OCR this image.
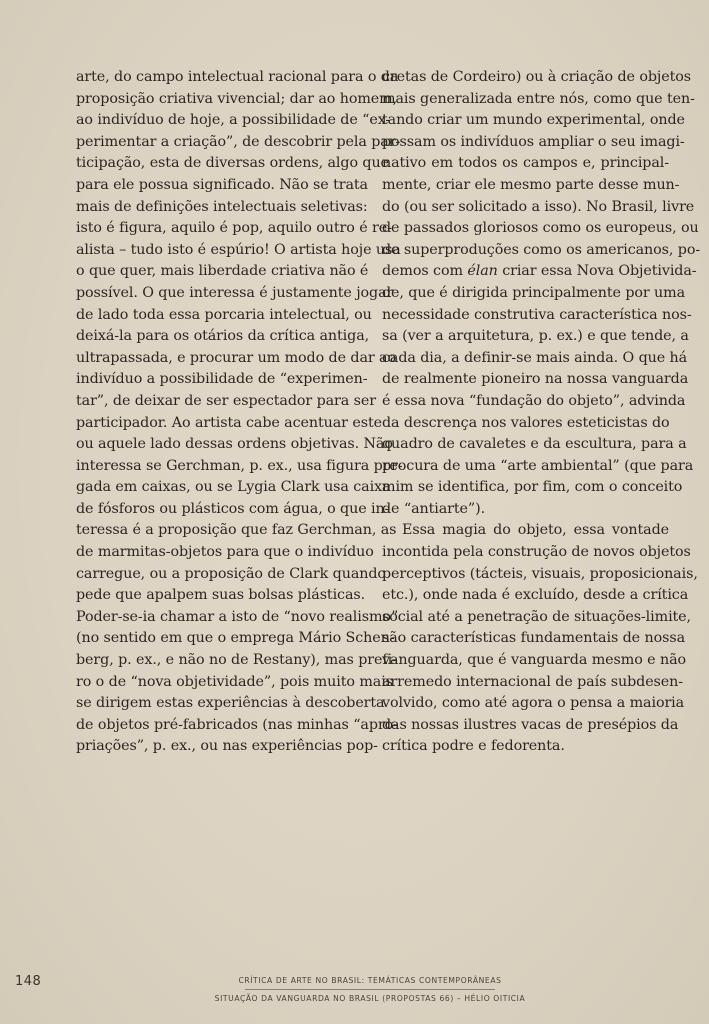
arte, do campo intelectual racional para o da
proposição criativa vivencial; dar ao homem,
ao indivíduo de hoje, a possibilidade de “ex-
perimentar a criação”, de descobrir pela par-
ticipação, esta de diversas ordens, algo que
para ele possua significado. Não se trata
mais de definições intelectuais seletivas:
isto é figura, aquilo é pop, aquilo outro é re-
alista – tudo isto é espúrio! O artista hoje usa
o que quer, mais liberdade criativa não é
possível. O que interessa é justamente jogar
de lado toda essa porcaria intelectual, ou
deixá-la para os otários da crítica antiga,
ultrapassada, e procurar um modo de dar ao
indivíduo a possibilidade de “experimen-
tar”, de deixar de ser espectador para ser
participador. Ao artista cabe acentuar este
ou aquele lado dessas ordens objetivas. Não
interessa se Gerchman, p. ex., usa figura pre-
gada em caixas, ou se Lygia Clark usa caixa
de fósforos ou plásticos com água, o que in-
teressa é a proposição que faz Gerchman, as
de marmitas-objetos para que o indivíduo
carregue, ou a proposição de Clark quando
pede que apalpem suas bolsas plásticas.
Poder-se-ia chamar a isto de “novo realismo”
(no sentido em que o emprega Mário Schen-
berg, p. ex., e não no de Restany), mas prefi-
ro o de “nova objetividade”, pois muito mais
se dirigem estas experiências à descoberta
de objetos pré-fabricados (nas minhas “apro-
priações”, p. ex., ou nas experiências pop-
cretas de Cordeiro) ou à criação de objetos
mais generalizada entre nós, como que ten-
tando criar um mundo experimental, onde
possam os indivíduos ampliar o seu imagi-
nativo em todos os campos e, principal-
mente, criar ele mesmo parte desse mun-
do (ou ser solicitado a isso). No Brasil, livre
de passados gloriosos como os europeus, ou
de superproduções como os americanos, po-
demos com élan criar essa Nova Objetivida-
de, que é dirigida principalmente por uma
necessidade construtiva característica nos-
sa (ver a arquitetura, p. ex.) e que tende, a
cada dia, a definir-se mais ainda. O que há
de realmente pioneiro na nossa vanguarda
é essa nova “fundação do objeto”, advinda
da descrença nos valores esteticistas do
quadro de cavaletes e da escultura, para a
procura de uma “arte ambiental” (que para
mim se identifica, por fim, com o conceito
de “antiarte”).
Essa magia do objeto, essa vontade
incontida pela construção de novos objetos
perceptivos (tácteis, visuais, proposicionais,
etc.), onde nada é excluído, desde a crítica
social até a penetração de situações-limite,
são características fundamentais de nossa
vanguarda, que é vanguarda mesmo e não
arremedo internacional de país subdesen-
volvido, como até agora o pensa a maioria
das nossas ilustres vacas de presépios da
crítica podre e fedorenta.
148	CRÍTICA DE ARTE NO BRASIL: TEMÁTICAS CONTEMPORÂNEAS
SITUAÇÃO DA VANGUARDA NO BRASIL (PROPOSTAS 66) – HÉLIO OITICIA
